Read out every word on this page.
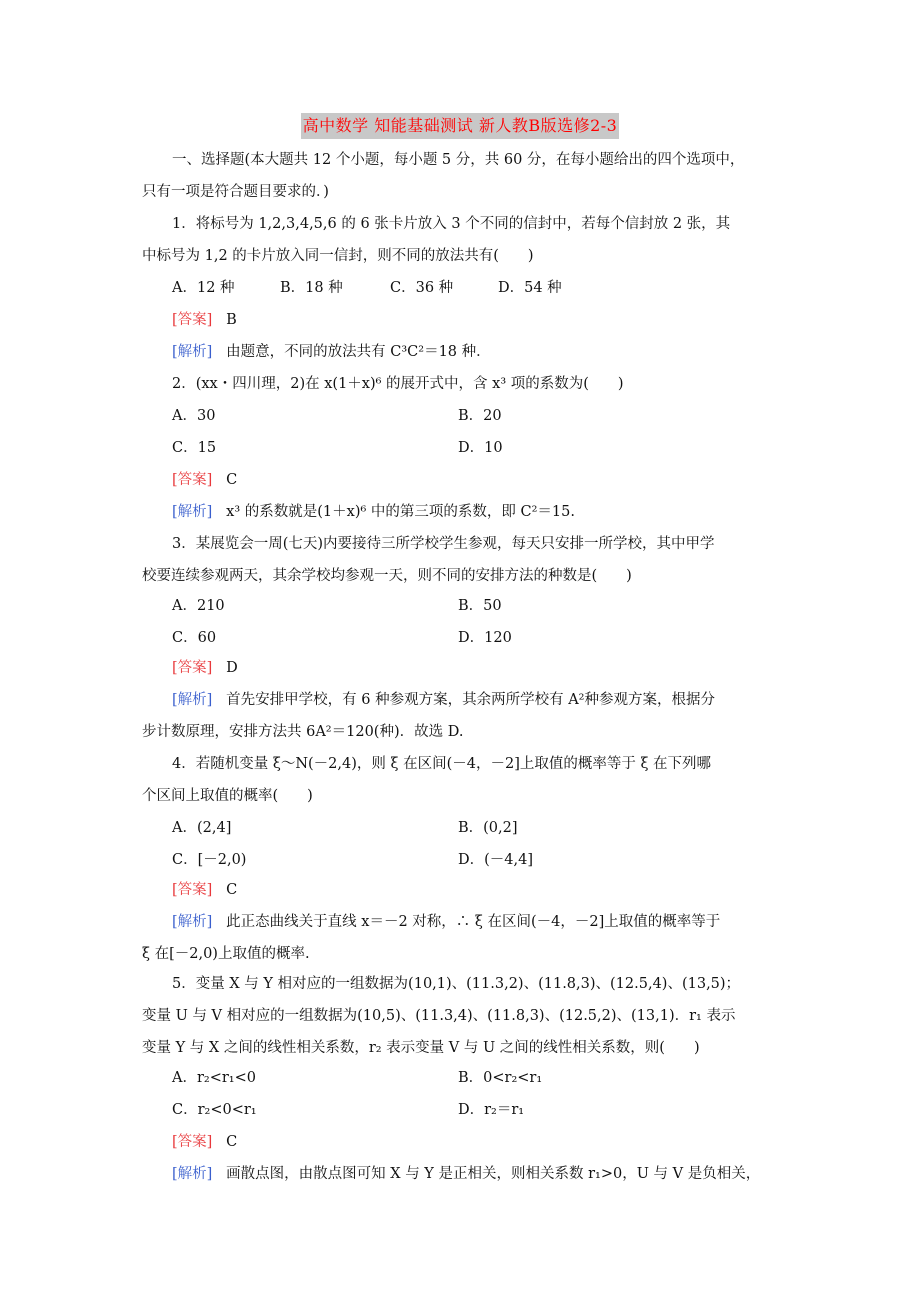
高中数学 知能基础测试 新人教B版选修2-3
一、选择题(本大题共 12 个小题，每小题 5 分，共 60 分，在每小题给出的四个选项中，
只有一项是符合题目要求的．)
1．将标号为 1,2,3,4,5,6 的 6 张卡片放入 3 个不同的信封中，若每个信封放 2 张，其
中标号为 1,2 的卡片放入同一信封，则不同的放法共有(　　)
A．12 种	B．18 种	C．36 种	D．54 种
[答案] B
[解析] 由题意，不同的放法共有 C³C²＝18 种．
2．(xx・四川理，2)在 x(1＋x)⁶ 的展开式中，含 x³ 项的系数为(　　)
A．30	B．20
C．15	D．10
[答案] C
[解析] x³ 的系数就是(1＋x)⁶ 中的第三项的系数，即 C²＝15.
3．某展览会一周(七天)内要接待三所学校学生参观，每天只安排一所学校，其中甲学
校要连续参观两天，其余学校均参观一天，则不同的安排方法的种数是(　　)
A．210	B．50
C．60	D．120
[答案] D
[解析] 首先安排甲学校，有 6 种参观方案，其余两所学校有 A²种参观方案，根据分
步计数原理，安排方法共 6A²＝120(种)．故选 D.
4．若随机变量 ξ～N(－2,4)，则 ξ 在区间(－4，－2]上取值的概率等于 ξ 在下列哪
个区间上取值的概率(　　)
A．(2,4]	B．(0,2]
C．[－2,0)	D．(－4,4]
[答案] C
[解析] 此正态曲线关于直线 x＝－2 对称，∴ ξ 在区间(－4，－2]上取值的概率等于
ξ 在[－2,0)上取值的概率.
5．变量 X 与 Y 相对应的一组数据为(10,1)、(11.3,2)、(11.8,3)、(12.5,4)、(13,5)；
变量 U 与 V 相对应的一组数据为(10,5)、(11.3,4)、(11.8,3)、(12.5,2)、(13,1)．r₁ 表示
变量 Y 与 X 之间的线性相关系数，r₂ 表示变量 V 与 U 之间的线性相关系数，则(　　)
A．r₂<r₁<0	B．0<r₂<r₁
C．r₂<0<r₁	D．r₂＝r₁
[答案] C
[解析] 画散点图，由散点图可知 X 与 Y 是正相关，则相关系数 r₁>0，U 与 V 是负相关，
